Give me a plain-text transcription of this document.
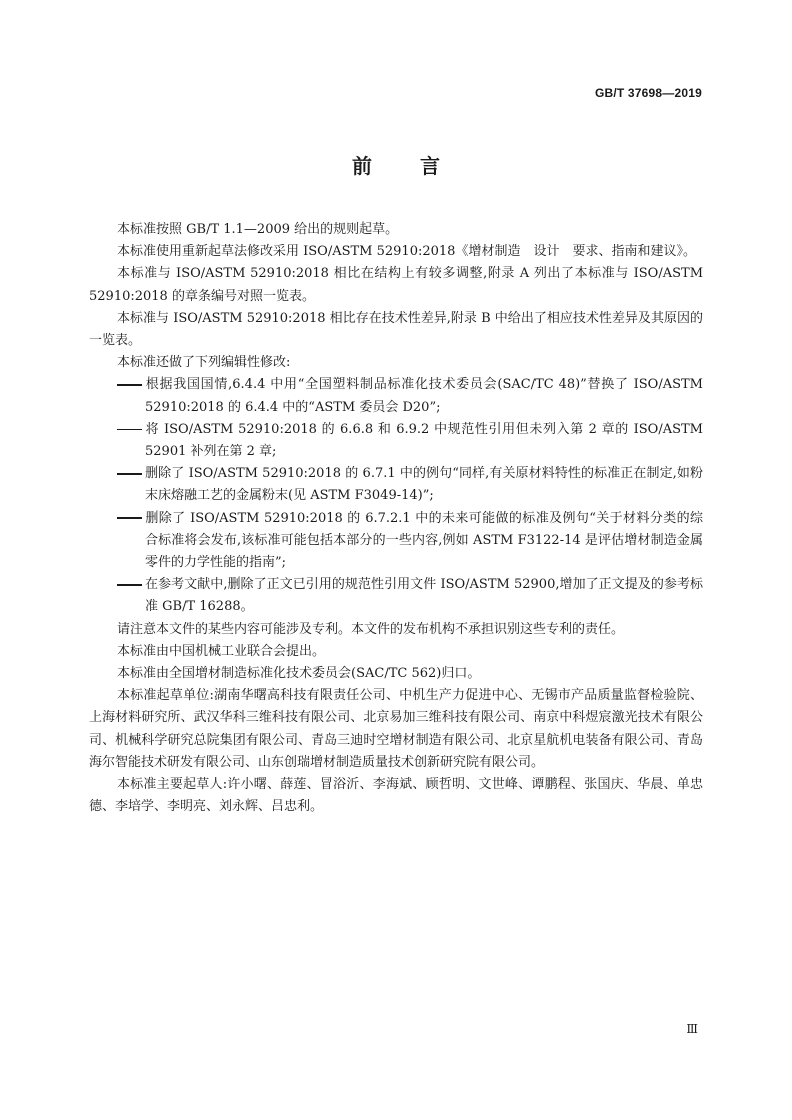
GB/T 37698—2019
前 言

本标准按照 GB/T 1.1—2009 给出的规则起草。

本标准使用重新起草法修改采用 ISO/ASTM 52910:2018《增材制造　设计　要求、指南和建议》。

本标准与 ISO/ASTM 52910:2018 相比在结构上有较多调整,附录 A 列出了本标准与 ISO/ASTM 52910:2018 的章条编号对照一览表。

本标准与 ISO/ASTM 52910:2018 相比存在技术性差异,附录 B 中给出了相应技术性差异及其原因的一览表。

本标准还做了下列编辑性修改:

根据我国国情,6.4.4 中用“全国塑料制品标准化技术委员会(SAC/TC 48)”替换了 ISO/ASTM 52910:2018 的 6.4.4 中的“ASTM 委员会 D20”;

将 ISO/ASTM 52910:2018 的 6.6.8 和 6.9.2 中规范性引用但未列入第 2 章的 ISO/ASTM 52901 补列在第 2 章;

删除了 ISO/ASTM 52910:2018 的 6.7.1 中的例句“同样,有关原材料特性的标准正在制定,如粉末床熔融工艺的金属粉末(见 ASTM F3049-14)”;

删除了 ISO/ASTM 52910:2018 的 6.7.2.1 中的未来可能做的标准及例句“关于材料分类的综合标准将会发布,该标准可能包括本部分的一些内容,例如 ASTM F3122-14 是评估增材制造金属零件的力学性能的指南”;

在参考文献中,删除了正文已引用的规范性引用文件 ISO/ASTM 52900,增加了正文提及的参考标准 GB/T 16288。

请注意本文件的某些内容可能涉及专利。本文件的发布机构不承担识别这些专利的责任。

本标准由中国机械工业联合会提出。

本标准由全国增材制造标准化技术委员会(SAC/TC 562)归口。

本标准起草单位:湖南华曙高科技有限责任公司、中机生产力促进中心、无锡市产品质量监督检验院、上海材料研究所、武汉华科三维科技有限公司、北京易加三维科技有限公司、南京中科煜宸激光技术有限公司、机械科学研究总院集团有限公司、青岛三迪时空增材制造有限公司、北京星航机电装备有限公司、青岛海尔智能技术研发有限公司、山东创瑞增材制造质量技术创新研究院有限公司。

本标准主要起草人:许小曙、薛莲、冒浴沂、李海斌、顾哲明、文世峰、谭鹏程、张国庆、华晨、单忠德、李培学、李明亮、刘永辉、吕忠利。

Ⅲ
